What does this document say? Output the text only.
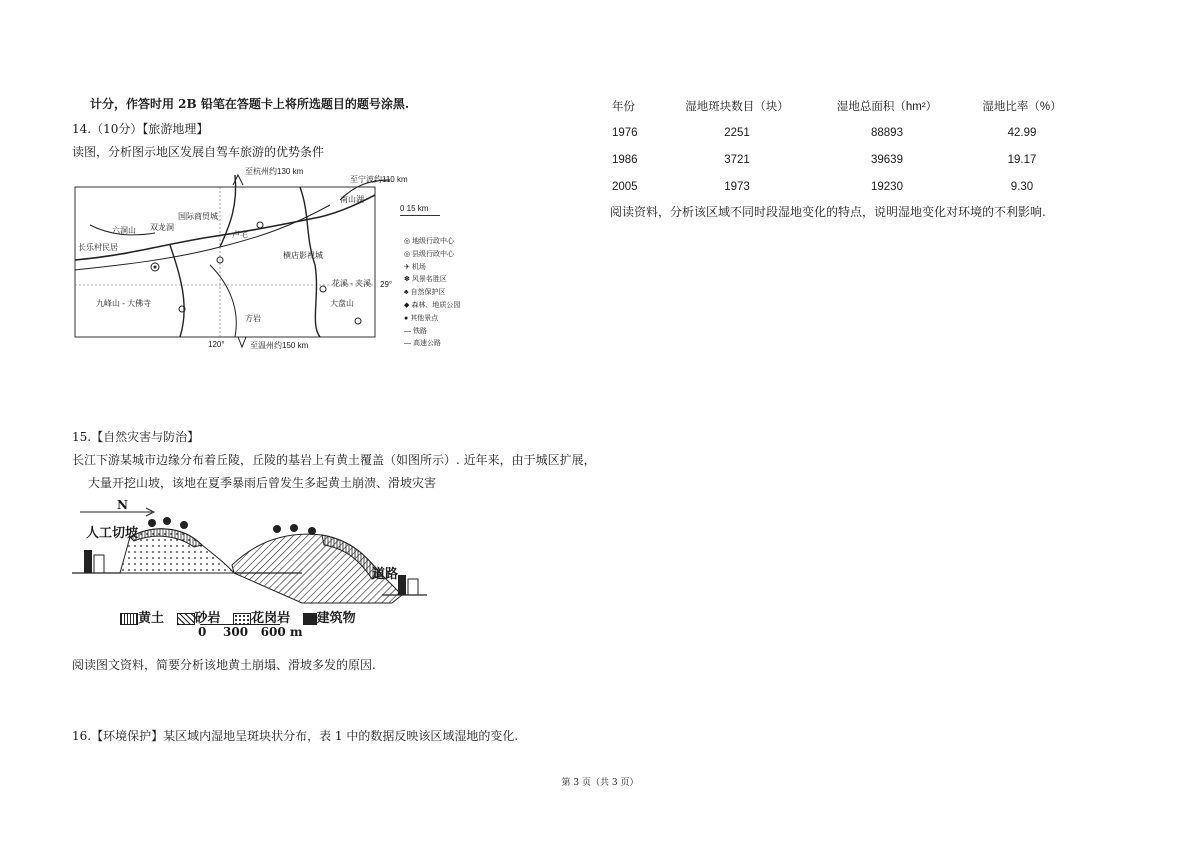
计分，作答时用 2B 铅笔在答题卡上将所选题目的题号涂黑.
14.（10分）【旅游地理】
读图，分析图示地区发展自驾车旅游的优势条件
至杭州约130 km
至宁波约110 km
六洞山 双龙洞
长乐村民居
国际商贸城
卢宅
横店影视城
南山湖
花溪 - 夹溪
大盘山
九峰山 - 大佛寺
方岩
至温州约150 km
29°
120°
0 15 km
◎ 地级行政中心
◎ 县级行政中心
✈ 机场
✽ 风景名胜区
♣ 自然保护区
◆ 森林、地质公园
● 其他景点
— 铁路
— 高速公路
15.【自然灾害与防治】
长江下游某城市边缘分布着丘陵，丘陵的基岩上有黄土覆盖（如图所示）. 近年来，由于城区扩展，
大量开挖山坡，该地在夏季暴雨后曾发生多起黄土崩溃、滑坡灾害
N
人工切坡
道路
黄土 砂岩 花岗岩 建筑物
0    300   600 m
阅读图文资料，简要分析该地黄土崩塌、滑坡多发的原因.
16.【环境保护】某区域内湿地呈斑块状分布，表 1 中的数据反映该区域湿地的变化.
年份	湿地斑块数目（块）	湿地总面积（hm²）	湿地比率（%）
1976	2251	88893	42.99
1986	3721	39639	19.17
2005	1973	19230	9.30
阅读资料，分析该区域不同时段湿地变化的特点，说明湿地变化对环境的不利影响.
第 3 页（共 3 页）
